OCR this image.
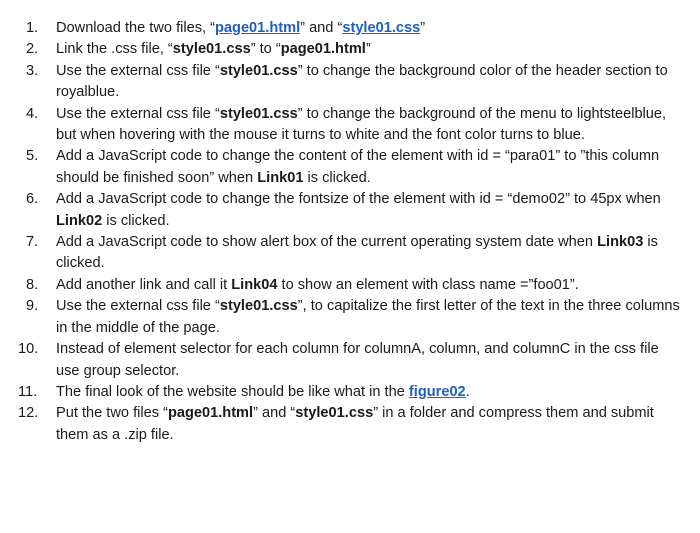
1.	Download the two files, “page01.html” and “style01.css”
2.	Link the .css file, “style01.css” to “page01.html”
3.	Use the external css file “style01.css” to change the background color of the header section to royalblue.
4.	Use the external css file “style01.css” to change the background of the menu to lightsteelblue, but when hovering with the mouse it turns to white and the font color turns to blue.
5.	Add a JavaScript code to change the content of the element with id = “para01” to ”this column should be finished soon” when Link01 is clicked.
6.	Add a JavaScript code to change the fontsize of the element with id = “demo02” to 45px when Link02 is clicked.
7.	Add a JavaScript code to show alert box of the current operating system date when Link03 is clicked.
8.	Add another link and call it Link04 to show an element with class name =”foo01”.
9.	Use the external css file “style01.css”, to capitalize the first letter of the text in the three columns in the middle of the page.
10.	Instead of element selector for each column for columnA, column, and columnC in the css file use group selector.
11.	The final look of the website should be like what in the figure02.
12.	Put the two files “page01.html” and “style01.css” in a folder and compress them and submit them as a .zip file.
